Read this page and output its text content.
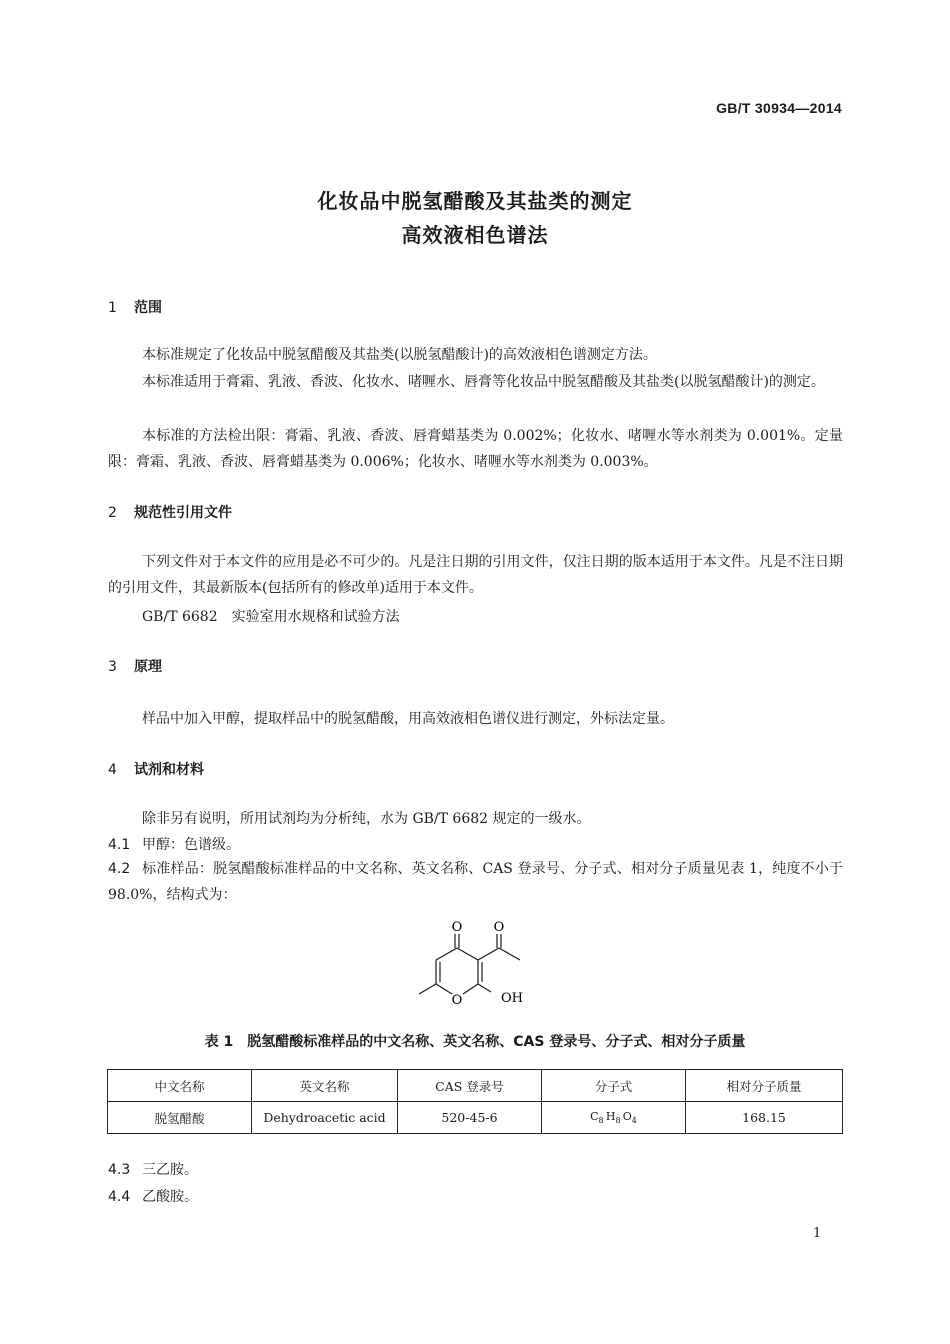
GB/T 30934—2014
化妆品中脱氢醋酸及其盐类的测定
高效液相色谱法
1 范围
本标准规定了化妆品中脱氢醋酸及其盐类(以脱氢醋酸计)的高效液相色谱测定方法。
本标准适用于膏霜、乳液、香波、化妆水、啫喱水、唇膏等化妆品中脱氢醋酸及其盐类(以脱氢醋酸计)的测定。
本标准的方法检出限：膏霜、乳液、香波、唇膏蜡基类为 0.002%；化妆水、啫喱水等水剂类为 0.001%。定量限：膏霜、乳液、香波、唇膏蜡基类为 0.006%；化妆水、啫喱水等水剂类为 0.003%。
2 规范性引用文件
下列文件对于本文件的应用是必不可少的。凡是注日期的引用文件，仅注日期的版本适用于本文件。凡是不注日期的引用文件，其最新版本(包括所有的修改单)适用于本文件。
GB/T 6682　实验室用水规格和试验方法
3 原理
样品中加入甲醇，提取样品中的脱氢醋酸，用高效液相色谱仪进行测定，外标法定量。
4 试剂和材料
除非另有说明，所用试剂均为分析纯，水为 GB/T 6682 规定的一级水。
4.1 甲醇：色谱级。
4.2 标准样品：脱氢醋酸标准样品的中文名称、英文名称、CAS 登录号、分子式、相对分子质量见表 1，纯度不小于 98.0%，结构式为：
O O
O	OH
表 1　脱氢醋酸标准样品的中文名称、英文名称、CAS 登录号、分子式、相对分子质量
中文名称	英文名称	CAS 登录号	分子式	相对分子质量
脱氢醋酸	Dehydroacetic acid	520-45-6	$C_8$  $H_8$  $O_4$	168.15
4.3 三乙胺。
4.4 乙酸胺。
1
